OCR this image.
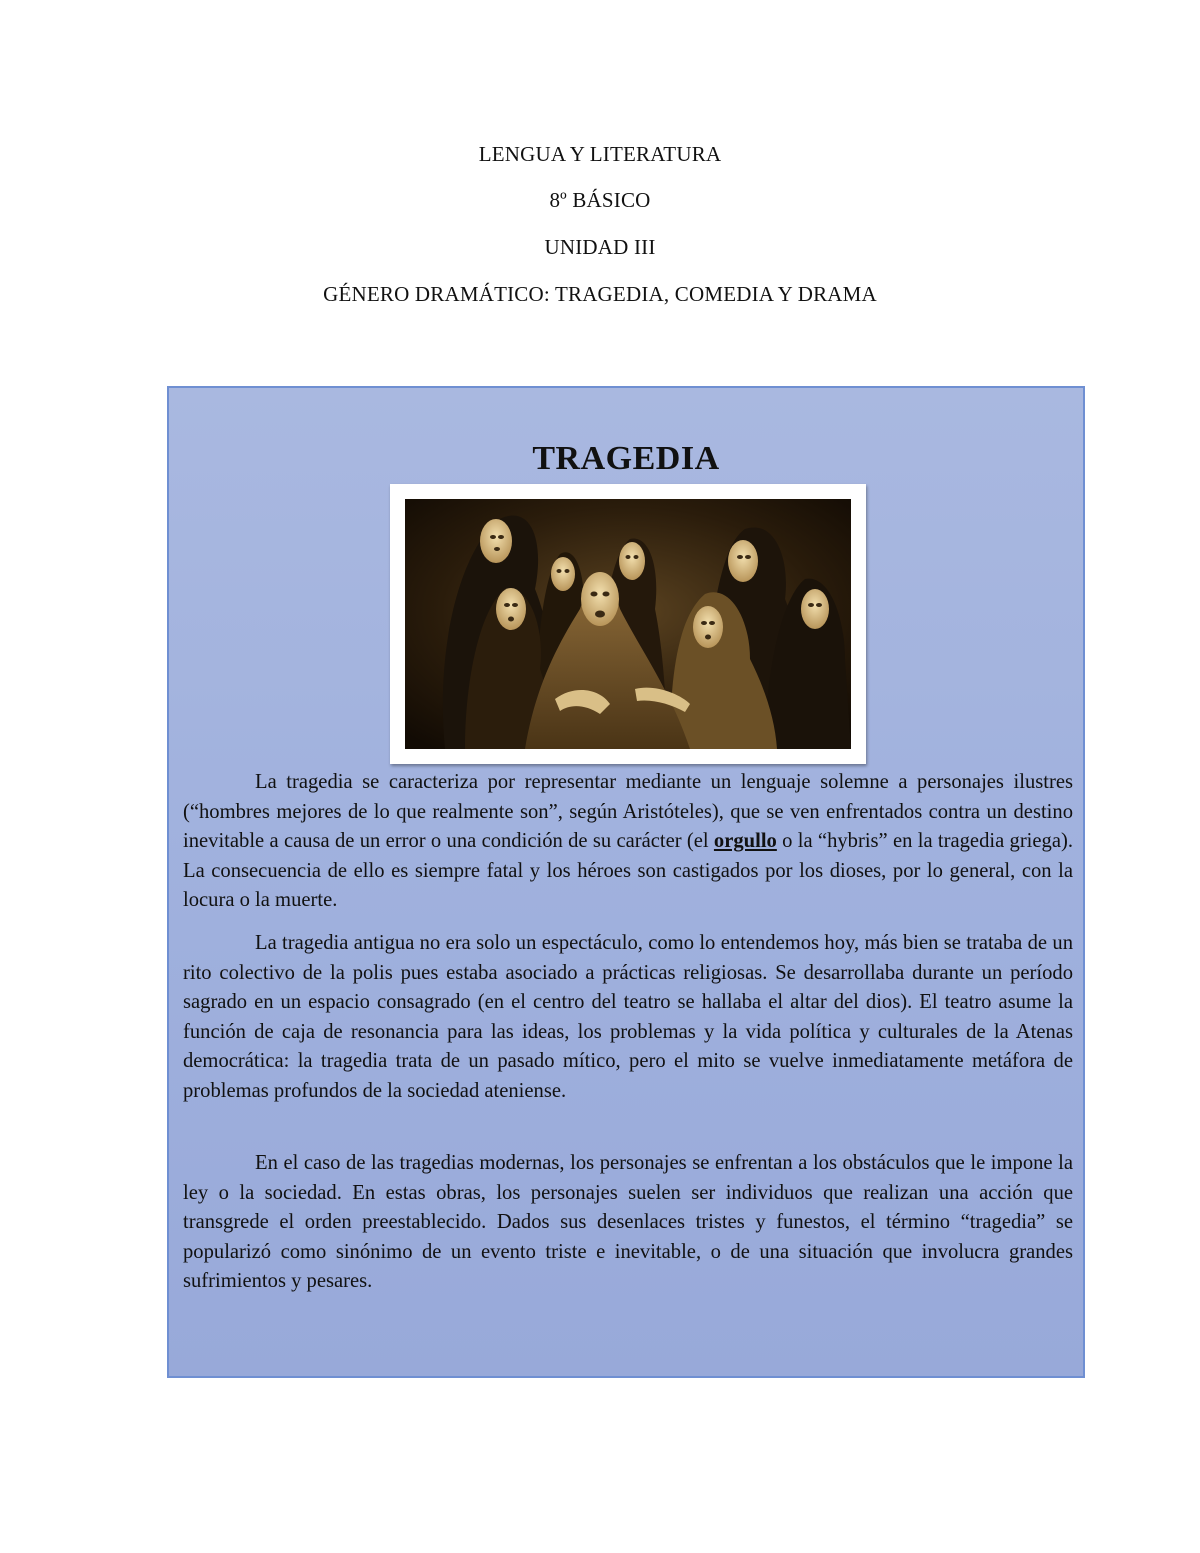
LENGUA Y LITERATURA
8º BÁSICO
UNIDAD III
GÉNERO DRAMÁTICO: TRAGEDIA, COMEDIA Y DRAMA
TRAGEDIA

La tragedia se caracteriza por representar mediante un lenguaje solemne a personajes ilustres (“hombres mejores de lo que realmente son”, según Aristóteles), que se ven enfrentados contra un destino inevitable a causa de un error o una condición de su carácter (el orgullo o la “hybris” en la tragedia griega). La consecuencia de ello es siempre fatal y los héroes son castigados por los dioses, por lo general, con la locura o la muerte.

La tragedia antigua no era solo un espectáculo, como lo entendemos hoy, más bien se trataba de un rito colectivo de la polis pues estaba asociado a prácticas religiosas. Se desarrollaba durante un período sagrado en un espacio consagrado (en el centro del teatro se hallaba el altar del dios). El teatro asume la función de caja de resonancia para las ideas, los problemas y la vida política y culturales de la Atenas democrática: la tragedia trata de un pasado mítico, pero el mito se vuelve inmediatamente metáfora de problemas profundos de la sociedad ateniense.

En el caso de las tragedias modernas, los personajes se enfrentan a los obstáculos que le impone la ley o la sociedad. En estas obras, los personajes suelen ser individuos que realizan una acción que transgrede el orden preestablecido. Dados sus desenlaces tristes y funestos, el término “tragedia” se popularizó como sinónimo de un evento triste e inevitable, o de una situación que involucra grandes sufrimientos y pesares.
